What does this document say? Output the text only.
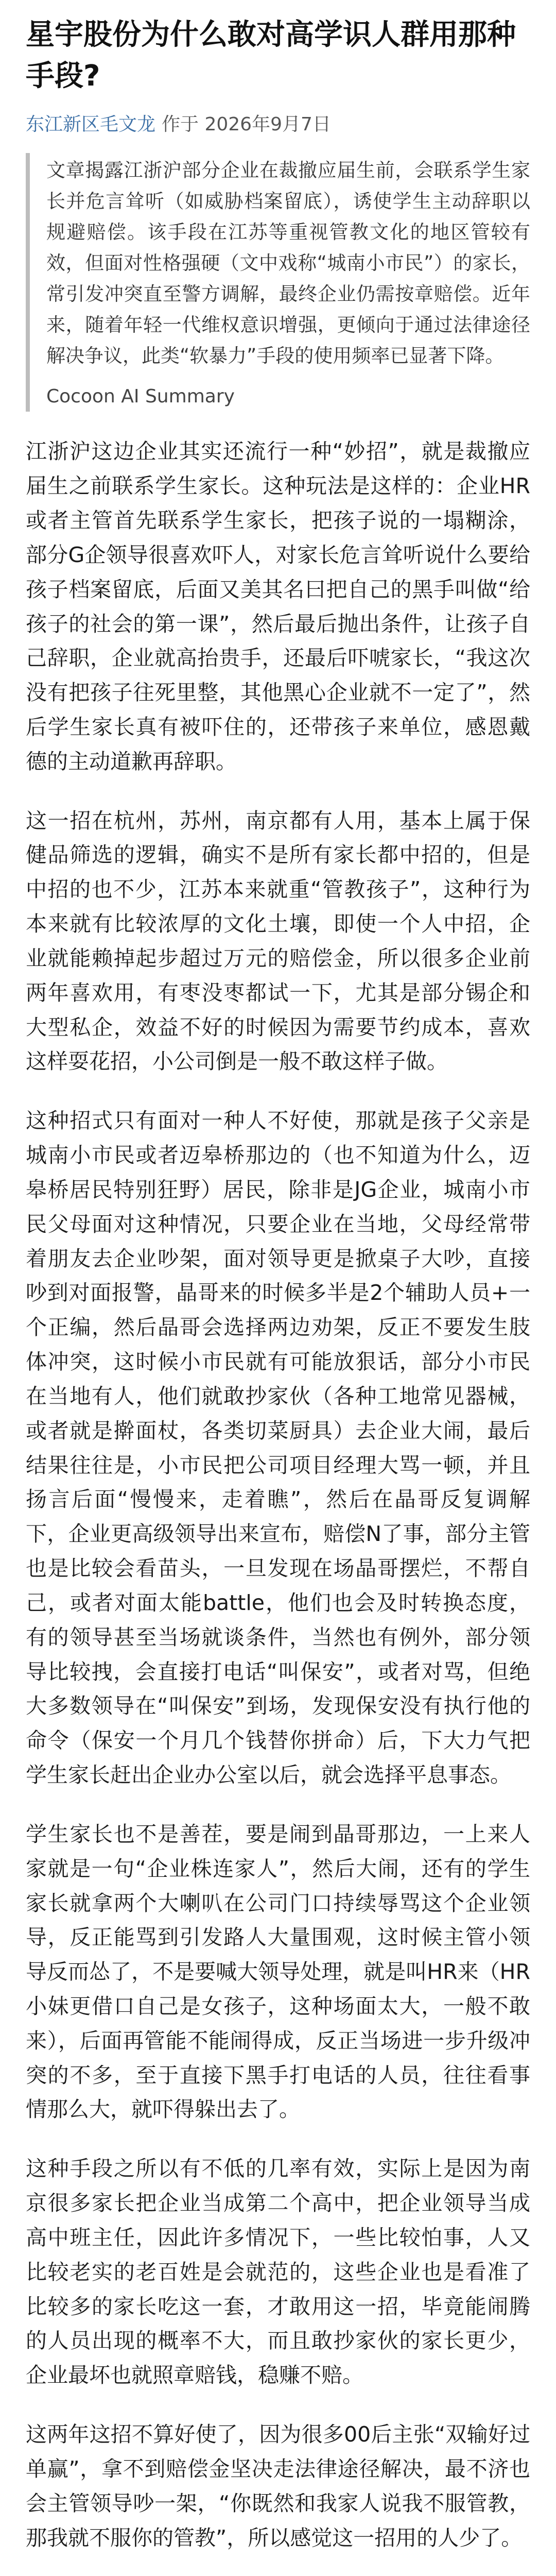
星宇股份为什么敢对高学识人群用那种手段?
东江新区毛文龙 作于 2026年9月7日

文章揭露江浙沪部分企业在裁撤应届生前，会联系学生家长并危言耸听（如威胁档案留底），诱使学生主动辞职以规避赔偿。该手段在江苏等重视管教文化的地区管较有效，但面对性格强硬（文中戏称“城南小市民”）的家长，常引发冲突直至警方调解，最终企业仍需按章赔偿。近年来，随着年轻一代维权意识增强，更倾向于通过法律途径解决争议，此类“软暴力”手段的使用频率已显著下降。

Cocoon AI Summary

江浙沪这边企业其实还流行一种“妙招”，就是裁撤应届生之前联系学生家长。这种玩法是这样的：企业HR或者主管首先联系学生家长，把孩子说的一塌糊涂，部分G企领导很喜欢吓人，对家长危言耸听说什么要给孩子档案留底，后面又美其名曰把自己的黑手叫做“给孩子的社会的第一课”，然后最后抛出条件，让孩子自己辞职，企业就高抬贵手，还最后吓唬家长，“我这次没有把孩子往死里整，其他黑心企业就不一定了”，然后学生家长真有被吓住的，还带孩子来单位，感恩戴德的主动道歉再辞职。

这一招在杭州，苏州，南京都有人用，基本上属于保健品筛选的逻辑，确实不是所有家长都中招的，但是中招的也不少，江苏本来就重“管教孩子”，这种行为本来就有比较浓厚的文化土壤，即使一个人中招，企业就能赖掉起步超过万元的赔偿金，所以很多企业前两年喜欢用，有枣没枣都试一下，尤其是部分锡企和大型私企，效益不好的时候因为需要节约成本，喜欢这样耍花招，小公司倒是一般不敢这样子做。

这种招式只有面对一种人不好使，那就是孩子父亲是城南小市民或者迈皋桥那边的（也不知道为什么，迈皋桥居民特别狂野）居民，除非是JG企业，城南小市民父母面对这种情况，只要企业在当地，父母经常带着朋友去企业吵架，面对领导更是掀桌子大吵，直接吵到对面报警，晶哥来的时候多半是2个辅助人员+一个正编，然后晶哥会选择两边劝架，反正不要发生肢体冲突，这时候小市民就有可能放狠话，部分小市民在当地有人，他们就敢抄家伙（各种工地常见器械，或者就是擀面杖，各类切菜厨具）去企业大闹，最后结果往往是，小市民把公司项目经理大骂一顿，并且扬言后面“慢慢来，走着瞧”，然后在晶哥反复调解下，企业更高级领导出来宣布，赔偿N了事，部分主管也是比较会看苗头，一旦发现在场晶哥摆烂，不帮自己，或者对面太能battle，他们也会及时转换态度，有的领导甚至当场就谈条件，当然也有例外，部分领导比较拽，会直接打电话“叫保安”，或者对骂，但绝大多数领导在“叫保安”到场，发现保安没有执行他的命令（保安一个月几个钱替你拼命）后，下大力气把学生家长赶出企业办公室以后，就会选择平息事态。

学生家长也不是善茬，要是闹到晶哥那边，一上来人家就是一句“企业株连家人”，然后大闹，还有的学生家长就拿两个大喇叭在公司门口持续辱骂这个企业领导，反正能骂到引发路人大量围观，这时候主管小领导反而怂了，不是要喊大领导处理，就是叫HR来（HR小妹更借口自己是女孩子，这种场面太大，一般不敢来），后面再管能不能闹得成，反正当场进一步升级冲突的不多，至于直接下黑手打电话的人员，往往看事情那么大，就吓得躲出去了。

这种手段之所以有不低的几率有效，实际上是因为南京很多家长把企业当成第二个高中，把企业领导当成高中班主任，因此许多情况下，一些比较怕事，人又比较老实的老百姓是会就范的，这些企业也是看准了比较多的家长吃这一套，才敢用这一招，毕竟能闹腾的人员出现的概率不大，而且敢抄家伙的家长更少，企业最坏也就照章赔钱，稳赚不赔。

这两年这招不算好使了，因为很多00后主张“双输好过单赢”，拿不到赔偿金坚决走法律途径解决，最不济也会主管领导吵一架，“你既然和我家人说我不服管教，那我就不服你的管教”，所以感觉这一招用的人少了。
